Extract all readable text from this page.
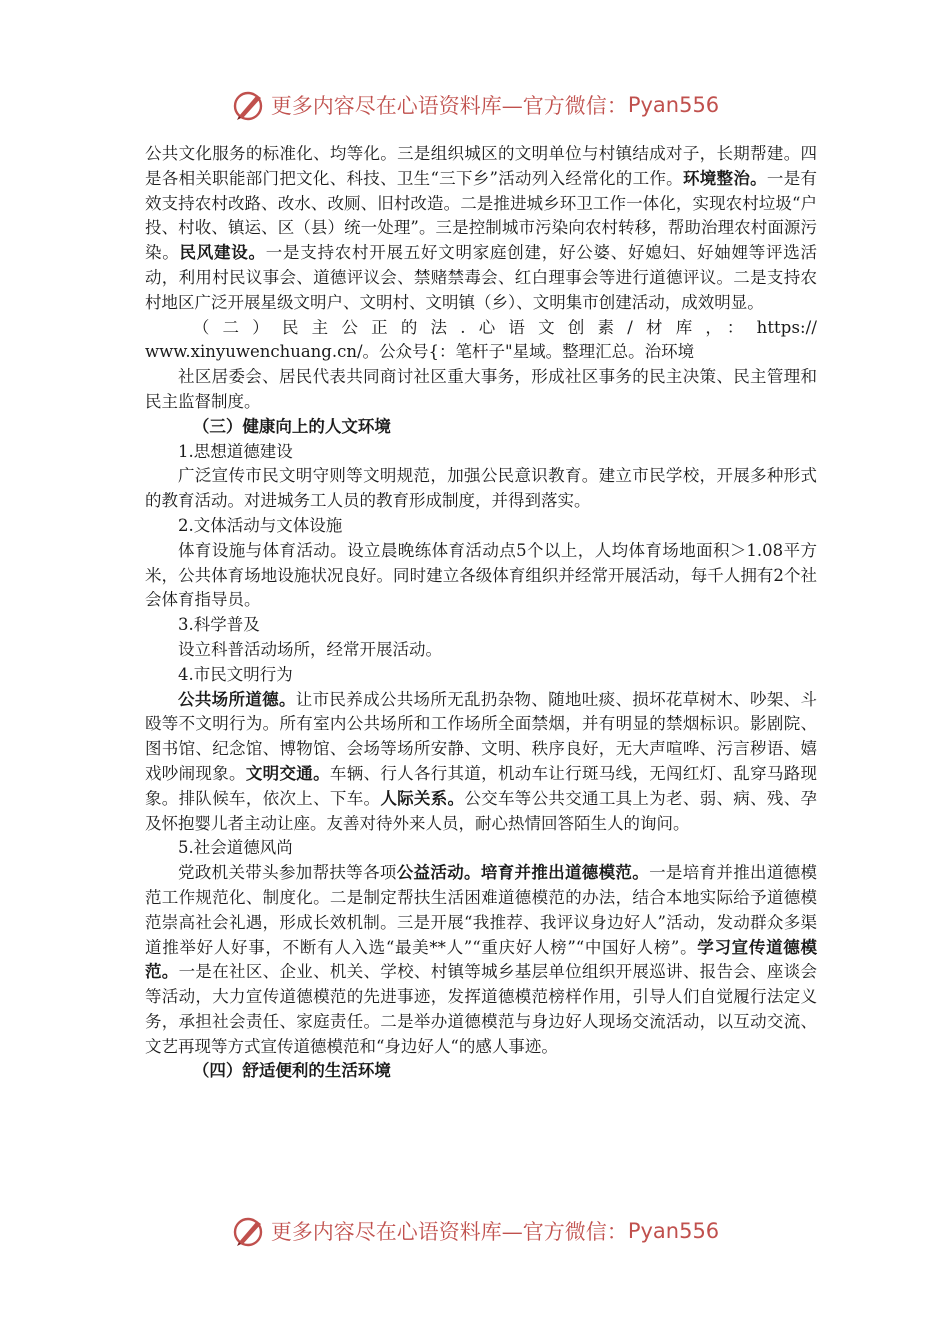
更多内容尽在心语资料库—官方微信： Pyan556

公共文化服务的标准化、均等化。三是组织城区的文明单位与村镇结成对子，长期帮建。四是各相关职能部门把文化、科技、卫生“三下乡”活动列入经常化的工作。环境整治。一是有效支持农村改路、改水、改厕、旧村改造。二是推进城乡环卫工作一体化，实现农村垃圾“户投、村收、镇运、区（县）统一处理”。三是控制城市污染向农村转移，帮助治理农村面源污染。民风建设。一是支持农村开展五好文明家庭创建，好公婆、好媳妇、好妯娌等评选活动，利用村民议事会、道德评议会、禁赌禁毒会、红白理事会等进行道德评议。二是支持农村地区广泛开展星级文明户、文明村、文明镇（乡）、文明集市创建活动，成效明显。

（二）民主公正的法.心语文创素/材库，：https://

www.xinyuwenchuang.cn/。公众号{：笔杆子"星域。整理汇总。治环境

社区居委会、居民代表共同商讨社区重大事务，形成社区事务的民主决策、民主管理和民主监督制度。

（三）健康向上的人文环境

1.思想道德建设

广泛宣传市民文明守则等文明规范，加强公民意识教育。建立市民学校，开展多种形式的教育活动。对进城务工人员的教育形成制度，并得到落实。

2.文体活动与文体设施

体育设施与体育活动。设立晨晚练体育活动点5个以上，人均体育场地面积＞1.08平方米，公共体育场地设施状况良好。同时建立各级体育组织并经常开展活动，每千人拥有2个社会体育指导员。

3.科学普及

设立科普活动场所，经常开展活动。

4.市民文明行为

公共场所道德。让市民养成公共场所无乱扔杂物、随地吐痰、损坏花草树木、吵架、斗殴等不文明行为。所有室内公共场所和工作场所全面禁烟，并有明显的禁烟标识。影剧院、图书馆、纪念馆、博物馆、会场等场所安静、文明、秩序良好，无大声喧哗、污言秽语、嬉戏吵闹现象。文明交通。车辆、行人各行其道，机动车让行斑马线，无闯红灯、乱穿马路现象。排队候车，依次上、下车。人际关系。公交车等公共交通工具上为老、弱、病、残、孕及怀抱婴儿者主动让座。友善对待外来人员，耐心热情回答陌生人的询问。

5.社会道德风尚

党政机关带头参加帮扶等各项公益活动。培育并推出道德模范。一是培育并推出道德模范工作规范化、制度化。二是制定帮扶生活困难道德模范的办法，结合本地实际给予道德模范崇高社会礼遇，形成长效机制。三是开展“我推荐、我评议身边好人”活动，发动群众多渠道推举好人好事，不断有人入选“最美**人”“重庆好人榜”“中国好人榜”。学习宣传道德模范。一是在社区、企业、机关、学校、村镇等城乡基层单位组织开展巡讲、报告会、座谈会等活动，大力宣传道德模范的先进事迹，发挥道德模范榜样作用，引导人们自觉履行法定义务，承担社会责任、家庭责任。二是举办道德模范与身边好人现场交流活动，以互动交流、文艺再现等方式宣传道德模范和“身边好人“的感人事迹。

（四）舒适便利的生活环境

更多内容尽在心语资料库—官方微信： Pyan556
